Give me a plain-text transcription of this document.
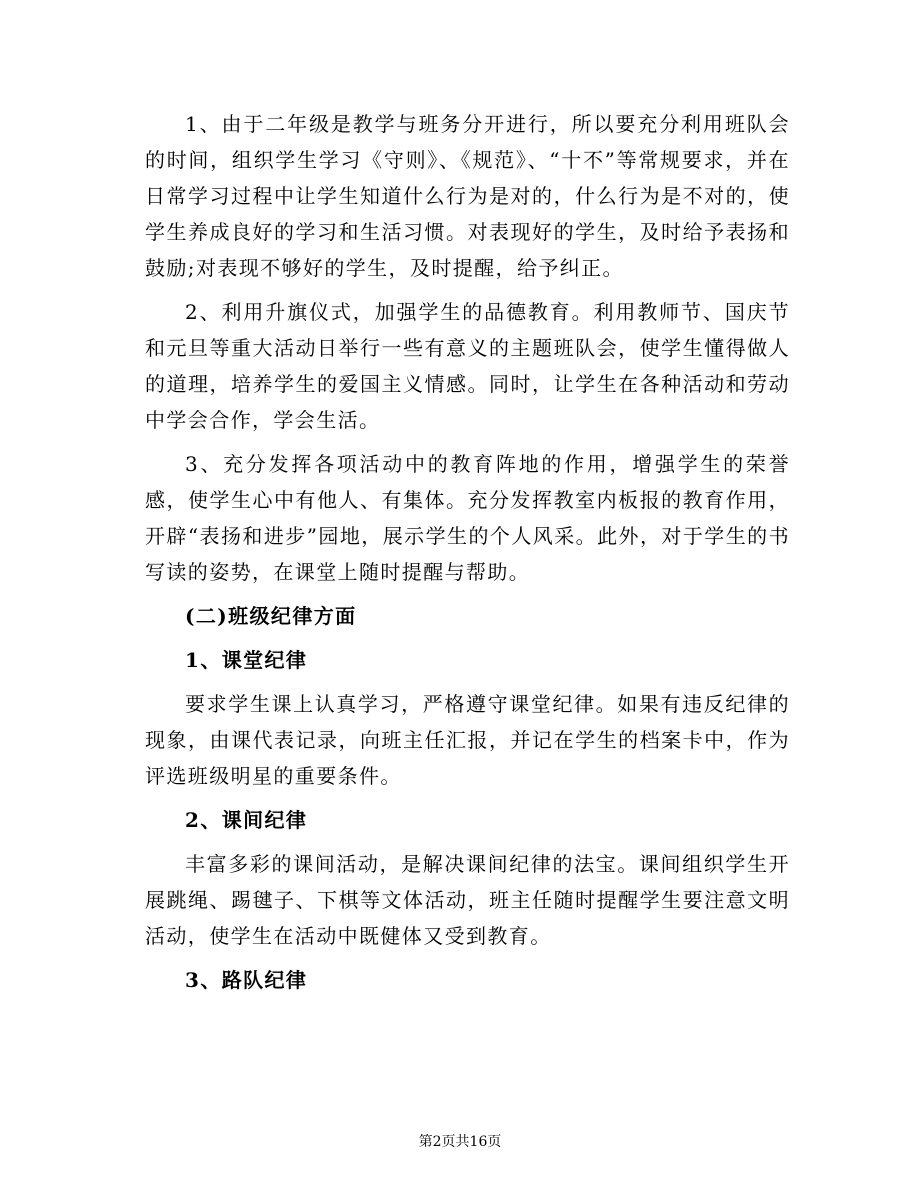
1、由于二年级是教学与班务分开进行，所以要充分利用班队会的时间，组织学生学习《守则》、《规范》、“十不”等常规要求，并在日常学习过程中让学生知道什么行为是对的，什么行为是不对的，使学生养成良好的学习和生活习惯。对表现好的学生，及时给予表扬和鼓励;对表现不够好的学生，及时提醒，给予纠正。

2、利用升旗仪式，加强学生的品德教育。利用教师节、国庆节和元旦等重大活动日举行一些有意义的主题班队会，使学生懂得做人的道理，培养学生的爱国主义情感。同时，让学生在各种活动和劳动中学会合作，学会生活。

3、充分发挥各项活动中的教育阵地的作用，增强学生的荣誉感，使学生心中有他人、有集体。充分发挥教室内板报的教育作用，开辟“表扬和进步”园地，展示学生的个人风采。此外，对于学生的书写读的姿势，在课堂上随时提醒与帮助。

(二)班级纪律方面

1、课堂纪律

要求学生课上认真学习，严格遵守课堂纪律。如果有违反纪律的现象，由课代表记录，向班主任汇报，并记在学生的档案卡中，作为评选班级明星的重要条件。

2、课间纪律

丰富多彩的课间活动，是解决课间纪律的法宝。课间组织学生开展跳绳、踢毽子、下棋等文体活动，班主任随时提醒学生要注意文明活动，使学生在活动中既健体又受到教育。

3、路队纪律

第2页共16页
